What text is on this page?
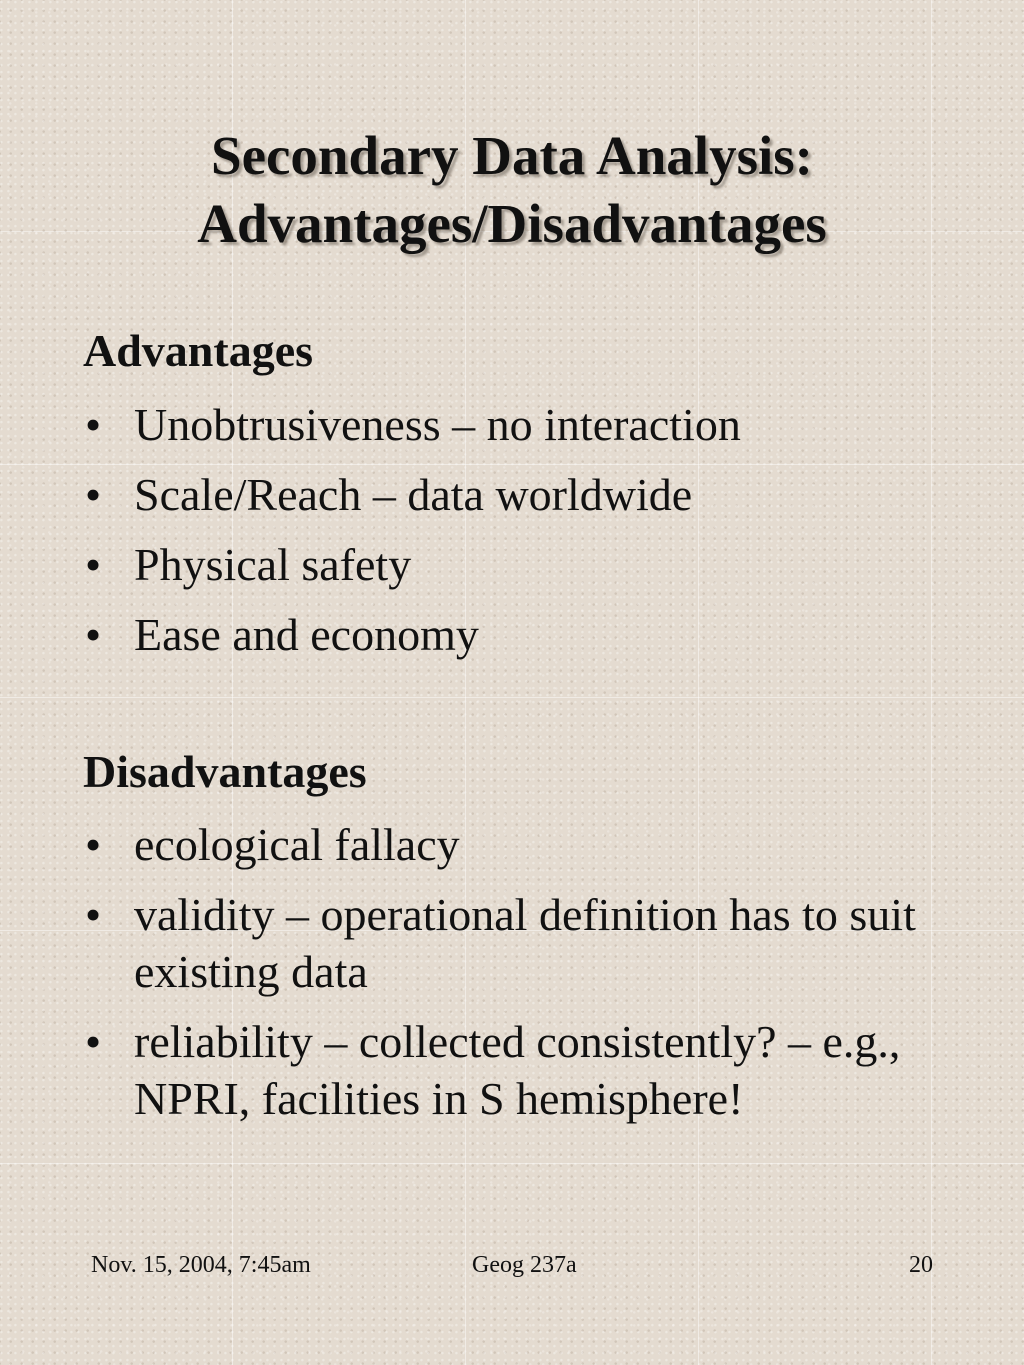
Secondary Data Analysis:
Advantages/Disadvantages
Advantages
• Unobtrusiveness – no interaction
• Scale/Reach – data worldwide
• Physical safety
• Ease and economy
Disadvantages
• ecological fallacy
• validity – operational definition has to suit existing data
• reliability – collected consistently? – e.g., NPRI, facilities in S hemisphere!
Nov. 15, 2004, 7:45am	Geog 237a	20
